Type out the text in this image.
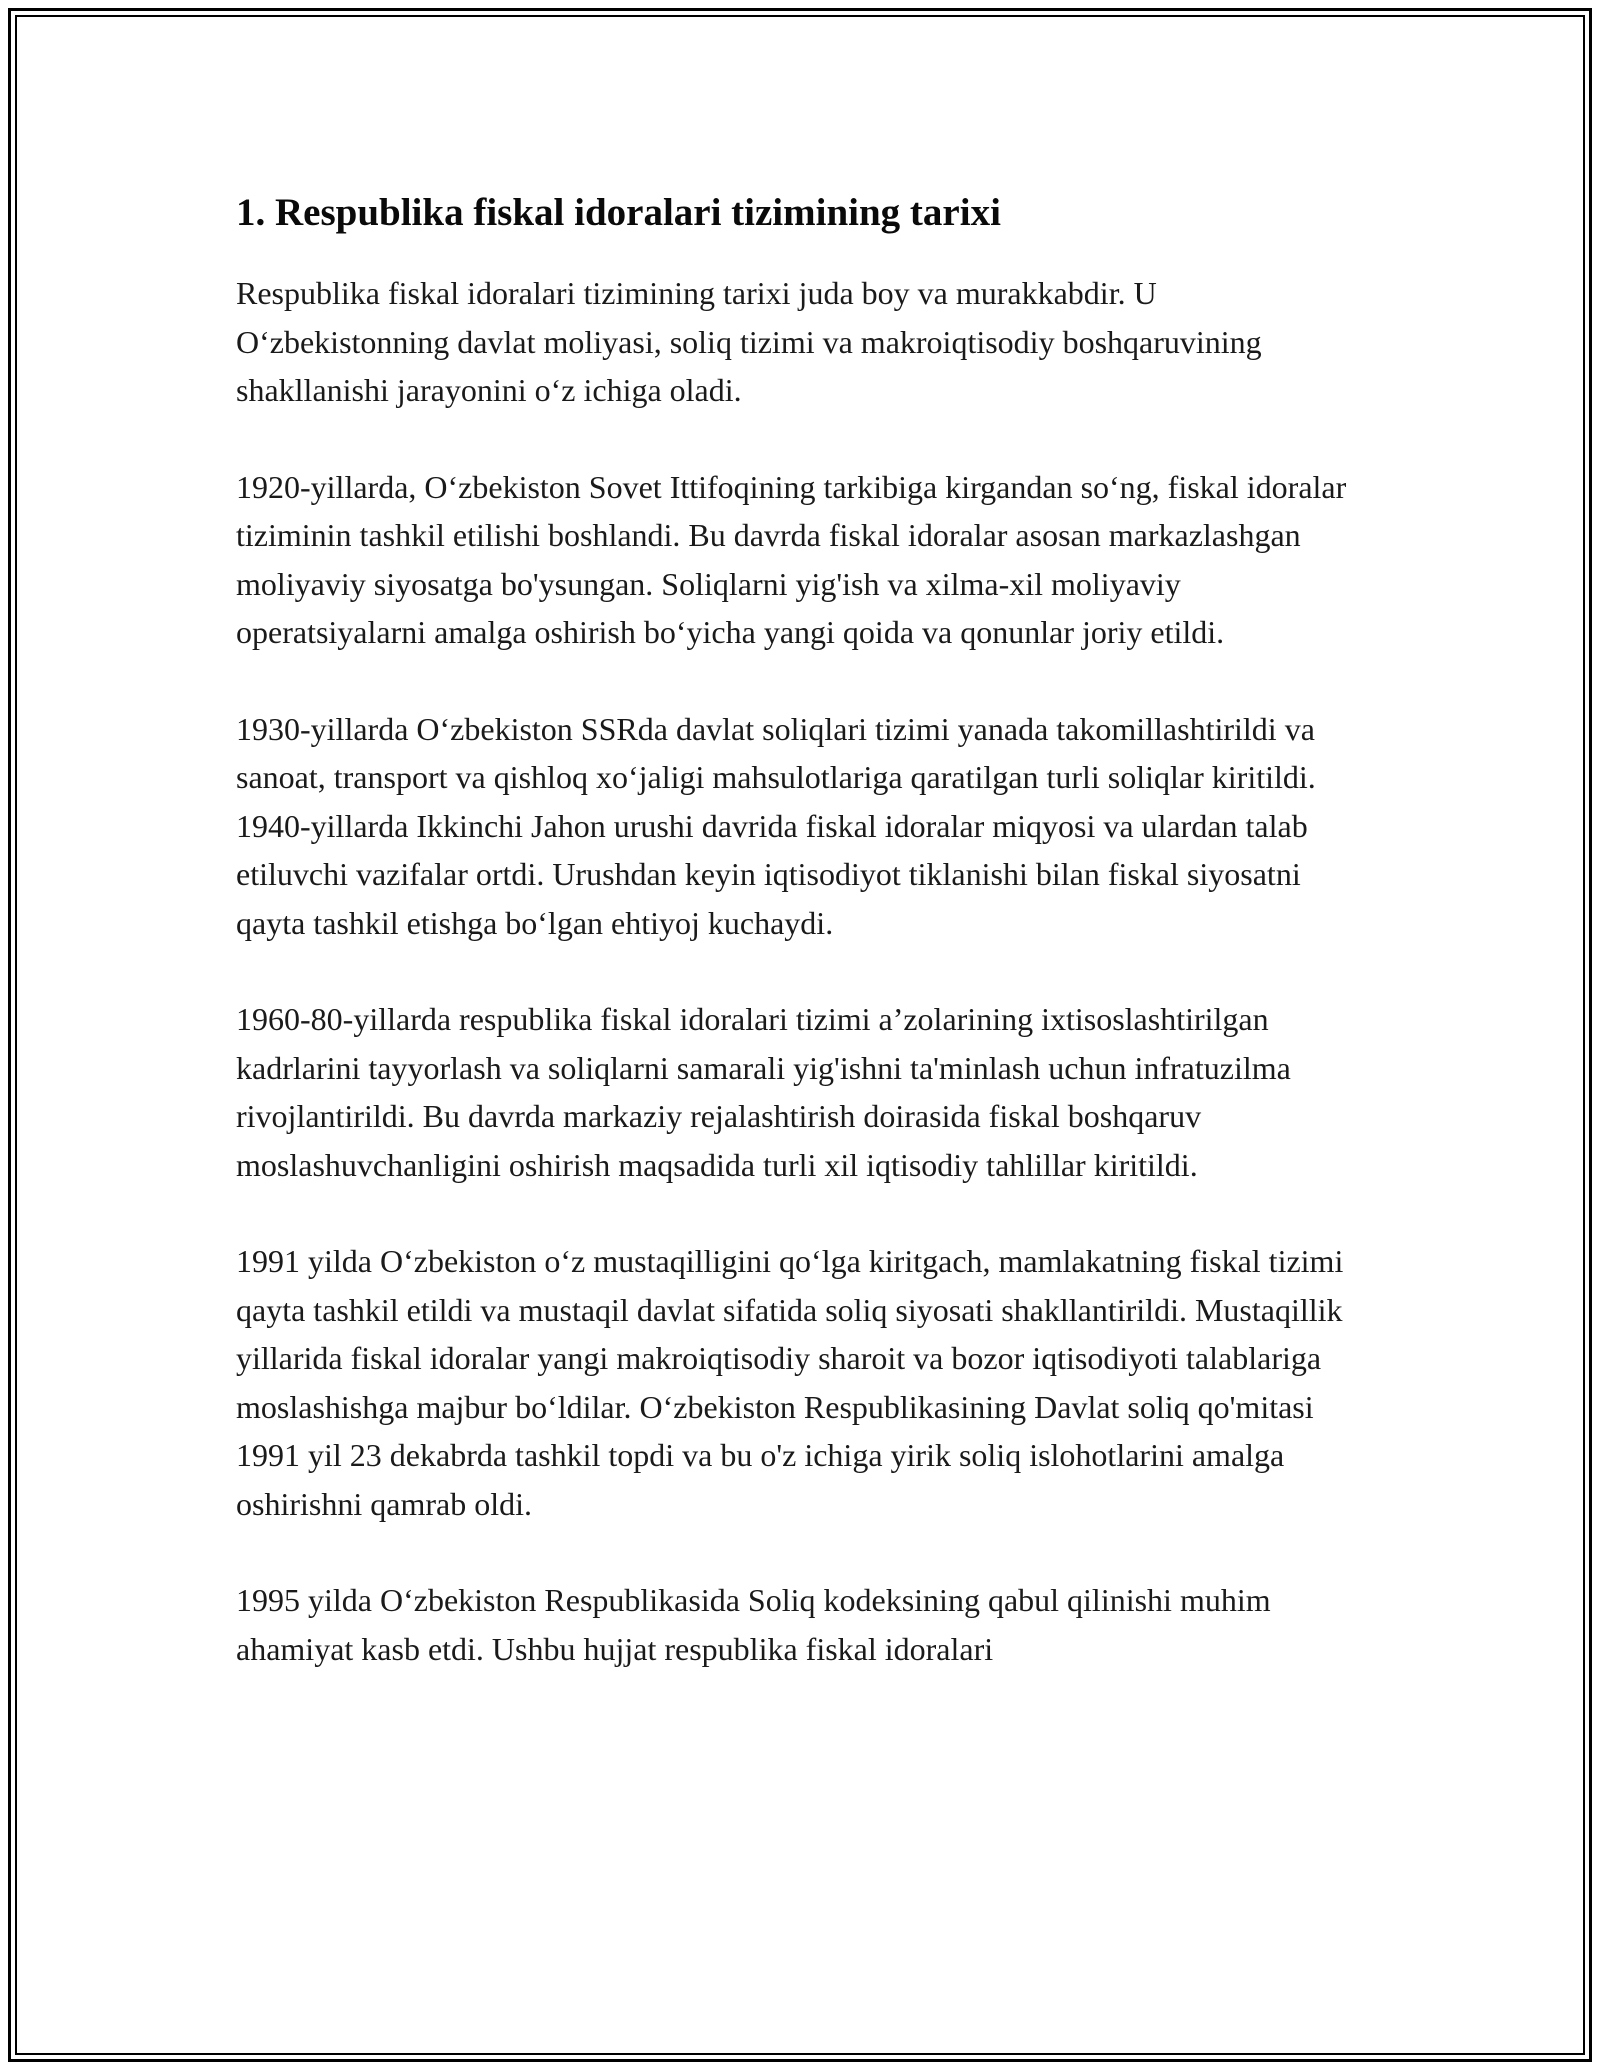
1. Respublika fiskal idoralari tizimining tarixi

Respublika fiskal idoralari tizimining tarixi juda boy va murakkabdir. U O‘zbekistonning davlat moliyasi, soliq tizimi va makroiqtisodiy boshqaruvining shakllanishi jarayonini o‘z ichiga oladi.

1920-yillarda, O‘zbekiston Sovet Ittifoqining tarkibiga kirgandan so‘ng, fiskal idoralar tiziminin tashkil etilishi boshlandi. Bu davrda fiskal idoralar asosan markazlashgan moliyaviy siyosatga bo'ysungan. Soliqlarni yig'ish va xilma-xil moliyaviy operatsiyalarni amalga oshirish bo‘yicha yangi qoida va qonunlar joriy etildi.

1930-yillarda O‘zbekiston SSRda davlat soliqlari tizimi yanada takomillashtirildi va sanoat, transport va qishloq xo‘jaligi mahsulotlariga qaratilgan turli soliqlar kiritildi. 1940-yillarda Ikkinchi Jahon urushi davrida fiskal idoralar miqyosi va ulardan talab etiluvchi vazifalar ortdi. Urushdan keyin iqtisodiyot tiklanishi bilan fiskal siyosatni qayta tashkil etishga bo‘lgan ehtiyoj kuchaydi.

1960-80-yillarda respublika fiskal idoralari tizimi a’zolarining ixtisoslashtirilgan kadrlarini tayyorlash va soliqlarni samarali yig'ishni ta'minlash uchun infratuzilma rivojlantirildi. Bu davrda markaziy rejalashtirish doirasida fiskal boshqaruv moslashuvchanligini oshirish maqsadida turli xil iqtisodiy tahlillar kiritildi.

1991 yilda O‘zbekiston o‘z mustaqilligini qo‘lga kiritgach, mamlakatning fiskal tizimi qayta tashkil etildi va mustaqil davlat sifatida soliq siyosati shakllantirildi. Mustaqillik yillarida fiskal idoralar yangi makroiqtisodiy sharoit va bozor iqtisodiyoti talablariga moslashishga majbur bo‘ldilar. O‘zbekiston Respublikasining Davlat soliq qo'mitasi 1991 yil 23 dekabrda tashkil topdi va bu o'z ichiga yirik soliq islohotlarini amalga oshirishni qamrab oldi.

1995 yilda O‘zbekiston Respublikasida Soliq kodeksining qabul qilinishi muhim ahamiyat kasb etdi. Ushbu hujjat respublika fiskal idoralari
